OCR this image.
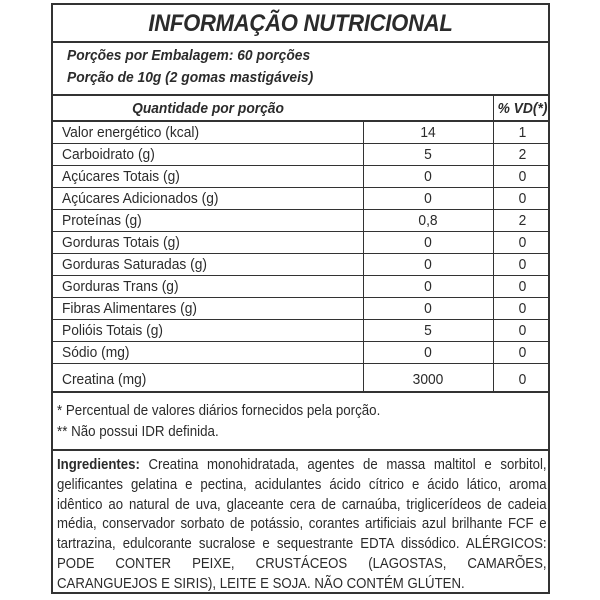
INFORMAÇÃO NUTRICIONAL
Porções por Embalagem: 60 porções
Porção de 10g (2 gomas mastigáveis)
Quantidade por porção	% VD(*)
Valor energético (kcal)	14	1
Carboidrato (g)	5	2
Açúcares Totais (g)	0	0
Açúcares Adicionados (g)	0	0
Proteínas (g)	0,8	2
Gorduras Totais (g)	0	0
Gorduras Saturadas (g)	0	0
Gorduras Trans (g)	0	0
Fibras Alimentares (g)	0	0
Polióis Totais (g)	5	0
Sódio (mg)	0	0
Creatina (mg)	3000	0
* Percentual de valores diários fornecidos pela porção.
** Não possui IDR definida.
Ingredientes: Creatina monohidratada, agentes de massa maltitol e sorbitol, gelificantes gelatina e pectina, acidulantes ácido cítrico e ácido lático, aroma idêntico ao natural de uva, glaceante cera de carnaúba, triglicerídeos de cadeia média, conservador sorbato de potássio, corantes artificiais azul brilhante FCF e tartrazina, edulcorante sucralose e sequestrante EDTA dissódico. ALÉRGICOS: PODE CONTER PEIXE, CRUSTÁCEOS (LAGOSTAS, CAMARÕES, CARANGUEJOS E SIRIS), LEITE E SOJA. NÃO CONTÉM GLÚTEN.
